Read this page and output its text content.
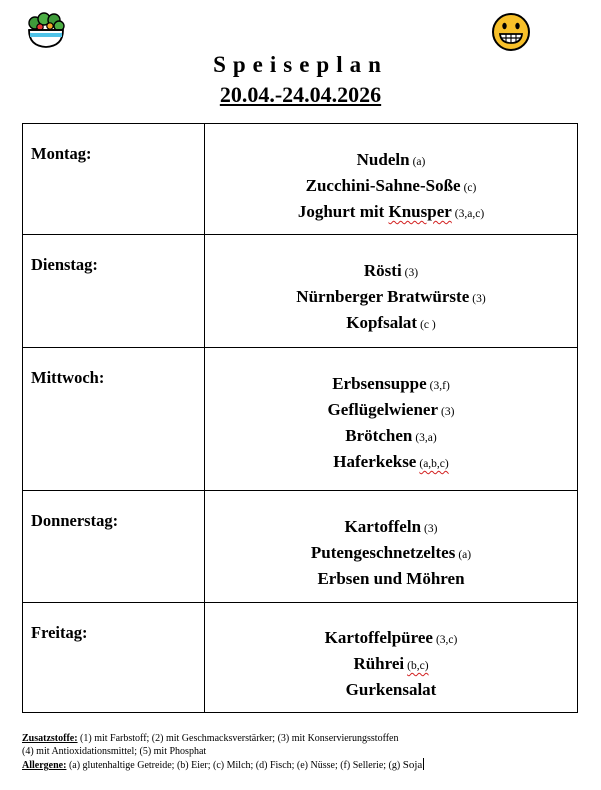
Speiseplan
20.04.-24.04.2026
Montag:	Nudeln (a)
Zucchini-Sahne-Soße (c)
Joghurt mit Knusper (3,a,c)

Dienstag:	Rösti (3)
Nürnberger Bratwürste (3)
Kopfsalat (c )

Mittwoch:	Erbsensuppe (3,f)
Geflügelwiener (3)
Brötchen (3,a)
Haferkekse (a,b,c)

Donnerstag:	Kartoffeln (3)
Putengeschnetzeltes (a)
Erbsen und Möhren

Freitag:	Kartoffelpüree (3,c)
Rührei (b,c)
Gurkensalat
Zusatzstoffe: (1) mit Farbstoff; (2) mit Geschmacksverstärker; (3) mit Konservierungsstoffen
(4) mit Antioxidationsmittel; (5) mit Phosphat
Allergene: (a) glutenhaltige Getreide; (b) Eier; (c) Milch; (d) Fisch; (e) Nüsse; (f) Sellerie; (g) Soja
